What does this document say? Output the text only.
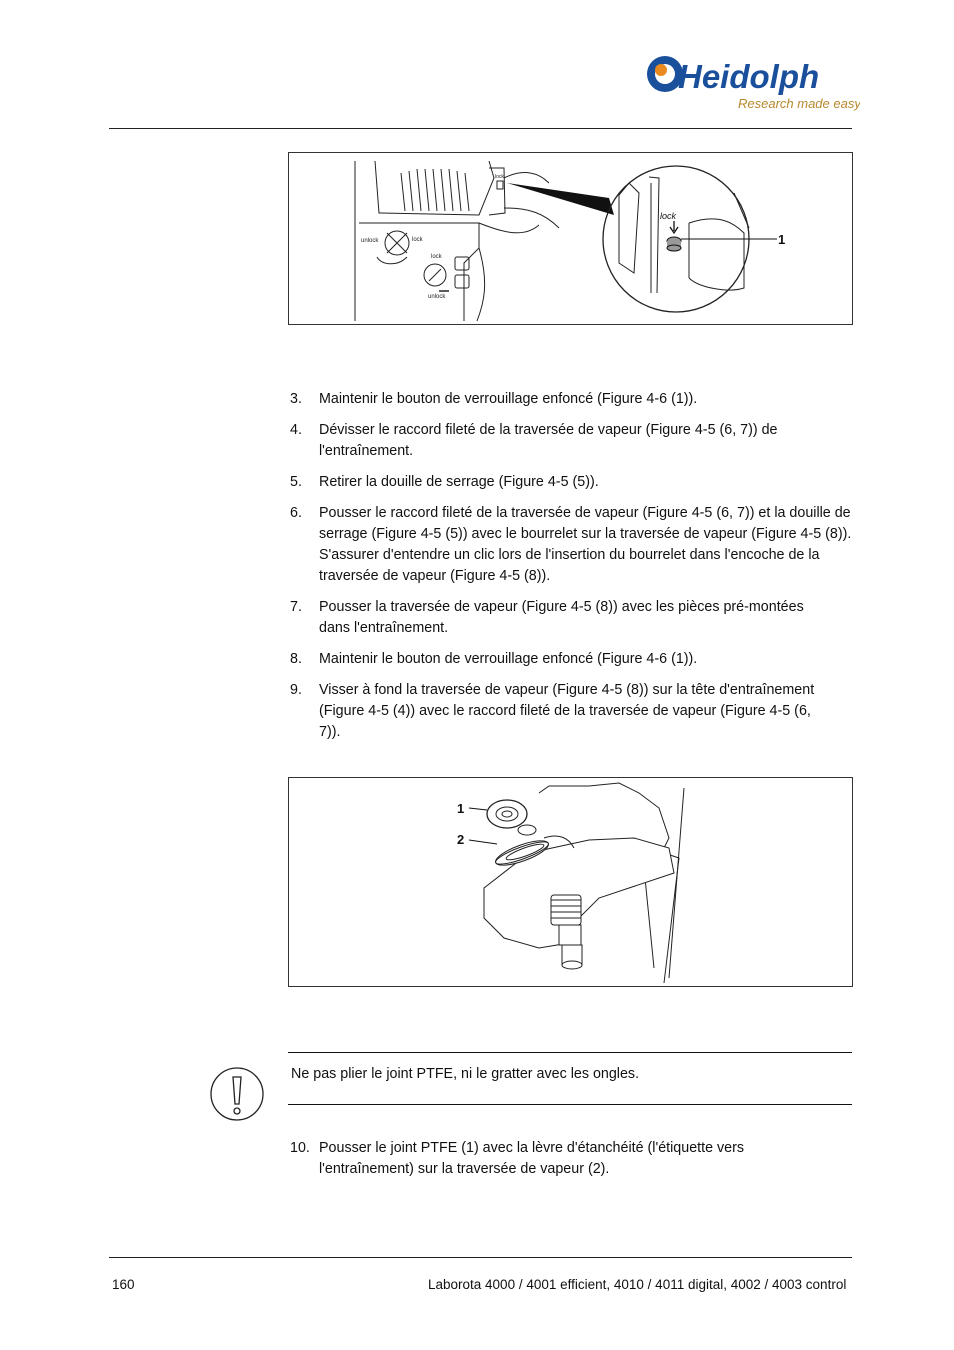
Heidolph
Research made easy
lock
unlock	lock
lock
unlock
lock
1
3. Maintenir le bouton de verrouillage enfoncé (Figure 4-6 (1)).
4. Dévisser le raccord fileté de la traversée de vapeur (Figure 4-5 (6, 7)) de l'entraînement.
5. Retirer la douille de serrage (Figure 4-5 (5)).
6. Pousser le raccord fileté de la traversée de vapeur (Figure 4-5 (6, 7)) et la douille de serrage (Figure 4-5 (5)) avec le bourrelet sur la traversée de vapeur (Figure 4-5 (8)). S'assurer d'entendre un clic lors de l'insertion du bourrelet dans l'encoche de la traversée de vapeur (Figure 4-5 (8)).
7. Pousser la traversée de vapeur (Figure 4-5 (8)) avec les pièces pré-montées dans l'entraînement.
8. Maintenir le bouton de verrouillage enfoncé (Figure 4-6 (1)).
9. Visser à fond la traversée de vapeur (Figure 4-5 (8)) sur la tête d'entraînement (Figure 4-5 (4)) avec le raccord fileté de la traversée de vapeur (Figure 4-5 (6, 7)).
1
2
Ne pas plier le joint PTFE, ni le gratter avec les ongles.
10. Pousser le joint PTFE (1) avec la lèvre d'étanchéité (l'étiquette vers l'entraînement) sur la traversée de vapeur (2).
160	Laborota 4000 / 4001 efficient, 4010 / 4011 digital, 4002 / 4003 control
